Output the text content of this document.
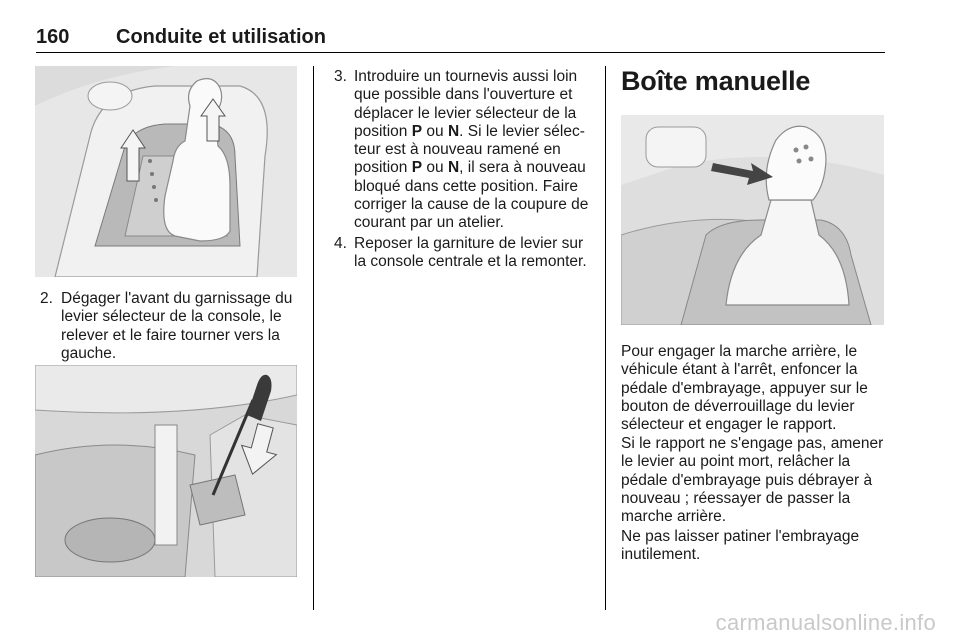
160 Conduite et utilisation
2. Dégager l'avant du garnissage du levier sélecteur de la console, le relever et le faire tourner vers la gauche.
3. Introduire un tournevis aussi loin que possible dans l'ouverture et déplacer le levier sélecteur de la position P ou N. Si le levier sélecteur est à nouveau ramené en position P ou N, il sera à nouveau bloqué dans cette position. Faire corriger la cause de la coupure de courant par un atelier.
4. Reposer la garniture de levier sur la console centrale et la remonter.
Boîte manuelle

Pour engager la marche arrière, le véhicule étant à l'arrêt, enfoncer la pédale d'embrayage, appuyer sur le bouton de déverrouillage du levier sélecteur et engager le rapport.

Si le rapport ne s'engage pas, amener le levier au point mort, relâcher la pédale d'embrayage puis débrayer à nouveau ; réessayer de passer la marche arrière.

Ne pas laisser patiner l'embrayage inutilement.

carmanualsonline.info
